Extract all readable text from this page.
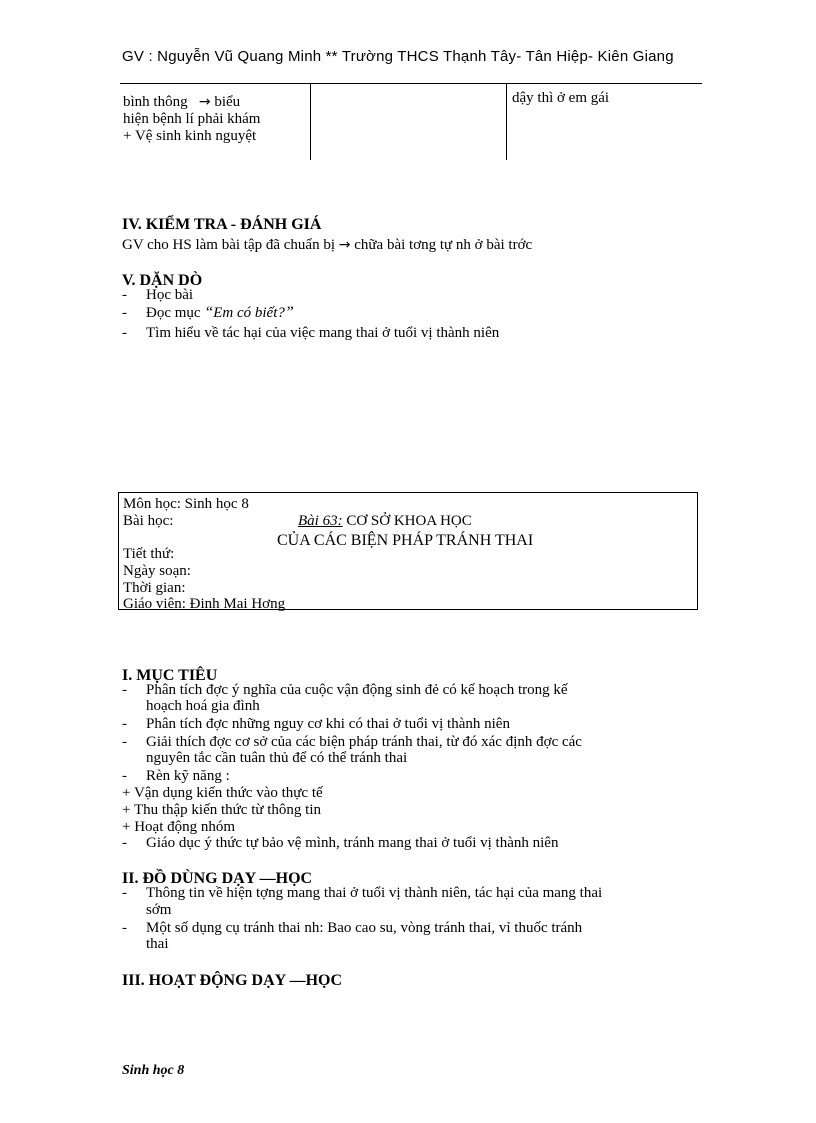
GV : Nguyễn Vũ Quang Minh ** Trường THCS Thạnh Tây- Tân Hiệp- Kiên Giang
bình thông → biểu
hiện bệnh lí phải khám
+ Vệ sinh kinh nguyệt
dậy thì ở em gái
IV. KIỂM TRA - ĐÁNH GIÁ
GV cho HS làm bài tập đã chuẩn bị → chữa bài tơng tự nh ở bài trớc
V. DẶN DÒ
- Học bài
- Đọc mục “Em có biết?”
- Tìm hiểu về tác hại của việc mang thai ở tuổi vị thành niên
Môn học: Sinh học 8
Bài học:	Bài 63: CƠ SỞ KHOA HỌC
CỦA CÁC BIỆN PHÁP TRÁNH THAI
Tiết thứ:
Ngày soạn:
Thời gian:
Giáo viên: Đinh Mai Hơng
I. MỤC TIÊU
- Phân tích đợc ý nghĩa của cuộc vận động sinh đẻ có kế hoạch trong kế
hoạch hoá gia đình
- Phân tích đợc những nguy cơ khi có thai ở tuổi vị thành niên
- Giải thích đợc cơ sở của các biện pháp tránh thai, từ đó xác định đợc các
nguyên tắc cần tuân thủ để có thể tránh thai
- Rèn kỹ năng :
+ Vận dụng kiến thức vào thực tế
+ Thu thập kiến thức từ thông tin
+ Hoạt động nhóm
- Giáo dục ý thức tự bảo vệ mình, tránh mang thai ở tuổi vị thành niên
II. ĐỒ DÙNG DẠY —HỌC
- Thông tin về hiện tợng mang thai ở tuổi vị thành niên, tác hại của mang thai
sớm
- Một số dụng cụ tránh thai nh: Bao cao su, vòng tránh thai, vỉ thuốc tránh
thai
III. HOẠT ĐỘNG DẠY —HỌC
Sinh học 8
